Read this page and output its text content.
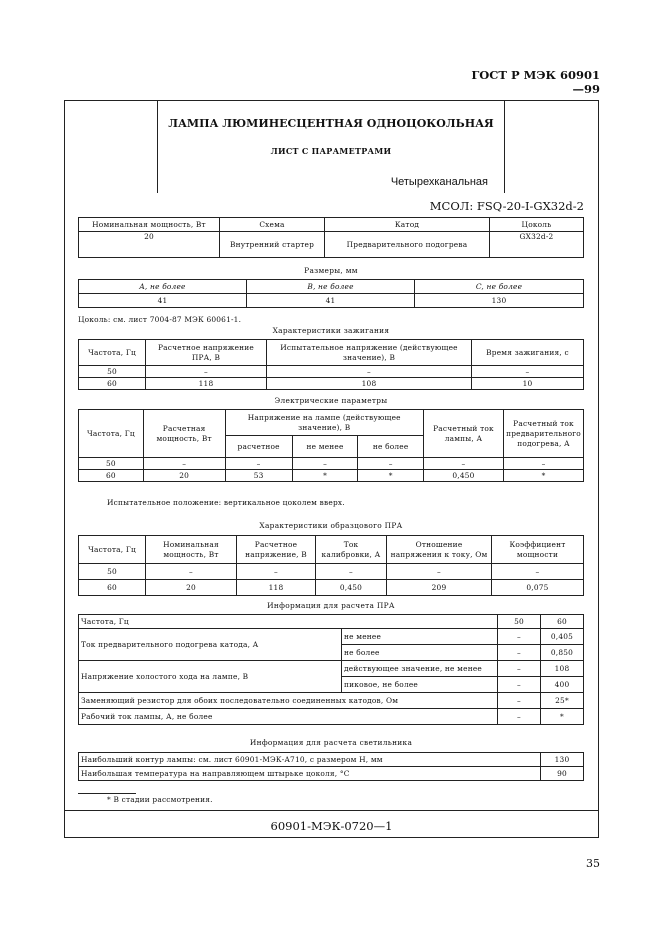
ГОСТ Р МЭК 60901—99
ЛАМПА ЛЮМИНЕСЦЕНТНАЯ ОДНОЦОКОЛЬНАЯ
ЛИСТ С ПАРАМЕТРАМИ
Четырехканальная
МСОЛ: FSQ-20-I-GX32d-2
Номинальная мощность, Вт	Схема	Катод	Цоколь
20	Внутренний стартер	Предварительного подогрева	GX32d-2
Размеры, мм
A, не более	B, не более	C, не более
41	41	130
Цоколь: см. лист 7004-87 МЭК 60061-1.
Характеристики зажигания
Частота, Гц	Расчетное напряжение ПРА, В	Испытательное напряжение (действующее значение), В	Время зажигания, с
50	–	–	–
60	118	108	10
Электрические параметры
Частота, Гц	Расчетная мощность, Вт	Напряжение на лампе (действующее значение), В			Расчетный ток лампы, А	Расчетный ток предварительного подогрева, А
		расчетное	не менее	не более		
50	–	–	–	–	–	–
60	20	53	*	*	0,450	*
Испытательное положение: вертикальное цоколем вверх.
Характеристики образцового ПРА
Частота, Гц	Номинальная мощность, Вт	Расчетное напряжение, В	Ток калибровки, А	Отношение напряжения к току, Ом	Коэффициент мощности
50	–	–	–	–	–
60	20	118	0,450	209	0,075
Информация для расчета ПРА
Частота, Гц		50	60
Ток предварительного подогрева катода, А	не менее	–	0,405
	не более	–	0,850
Напряжение холостого хода на лампе, В	действующее значение, не менее	–	108
	пиковое, не более	–	400
Заменяющий резистор для обоих последовательно соединенных катодов, Ом		–	25*
Рабочий ток лампы, А, не более		–	*
Информация для расчета светильника
Наибольший контур лампы: см. лист 60901-МЭК-A710, с размером H, мм	130
Наибольшая температура на направляющем штырьке цоколя, °C	90
* В стадии рассмотрения.
60901-МЭК-0720—1
35
